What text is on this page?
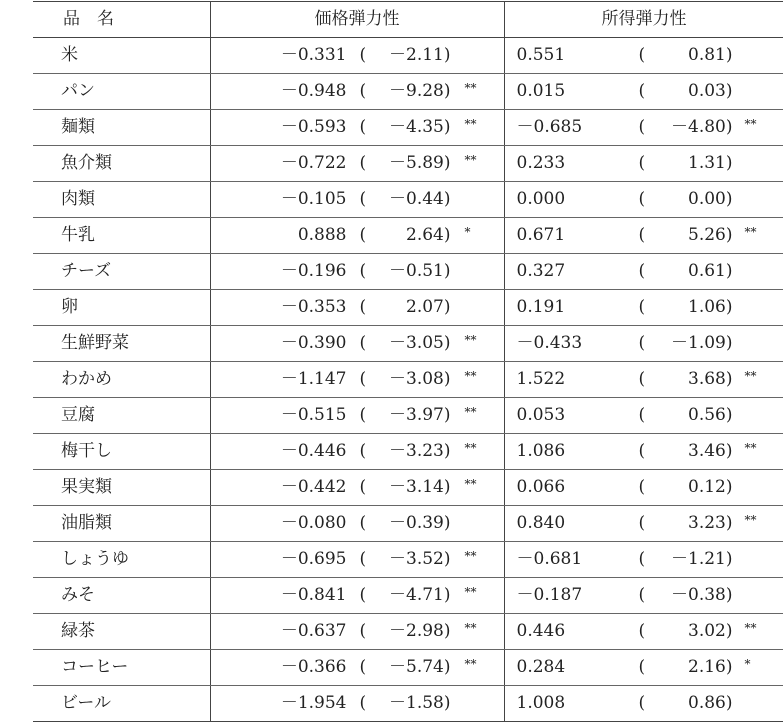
品　名	価格弾力性	所得弾力性
米	－0.331 ( －2.11)	0.551 ( 0.81)

パン	－0.948 ( －9.28) **	0.015 ( 0.03)

麺類	－0.593 ( －4.35) **	－0.685 ( －4.80) **

魚介類	－0.722 ( －5.89) **	0.233 ( 1.31)

肉類	－0.105 ( －0.44)	0.000 ( 0.00)

牛乳	0.888 ( 2.64) *	0.671 ( 5.26) **

チーズ	－0.196 ( －0.51)	0.327 ( 0.61)

卵	－0.353 ( 2.07)	0.191 ( 1.06)

生鮮野菜	－0.390 ( －3.05) **	－0.433 ( －1.09)

わかめ	－1.147 ( －3.08) **	1.522 ( 3.68) **

豆腐	－0.515 ( －3.97) **	0.053 ( 0.56)

梅干し	－0.446 ( －3.23) **	1.086 ( 3.46) **

果実類	－0.442 ( －3.14) **	0.066 ( 0.12)

油脂類	－0.080 ( －0.39)	0.840 ( 3.23) **

しょうゆ	－0.695 ( －3.52) **	－0.681 ( －1.21)

みそ	－0.841 ( －4.71) **	－0.187 ( －0.38)

緑茶	－0.637 ( －2.98) **	0.446 ( 3.02) **

コーヒー	－0.366 ( －5.74) **	0.284 ( 2.16) *

ビール	－1.954 ( －1.58)	1.008 ( 0.86)
